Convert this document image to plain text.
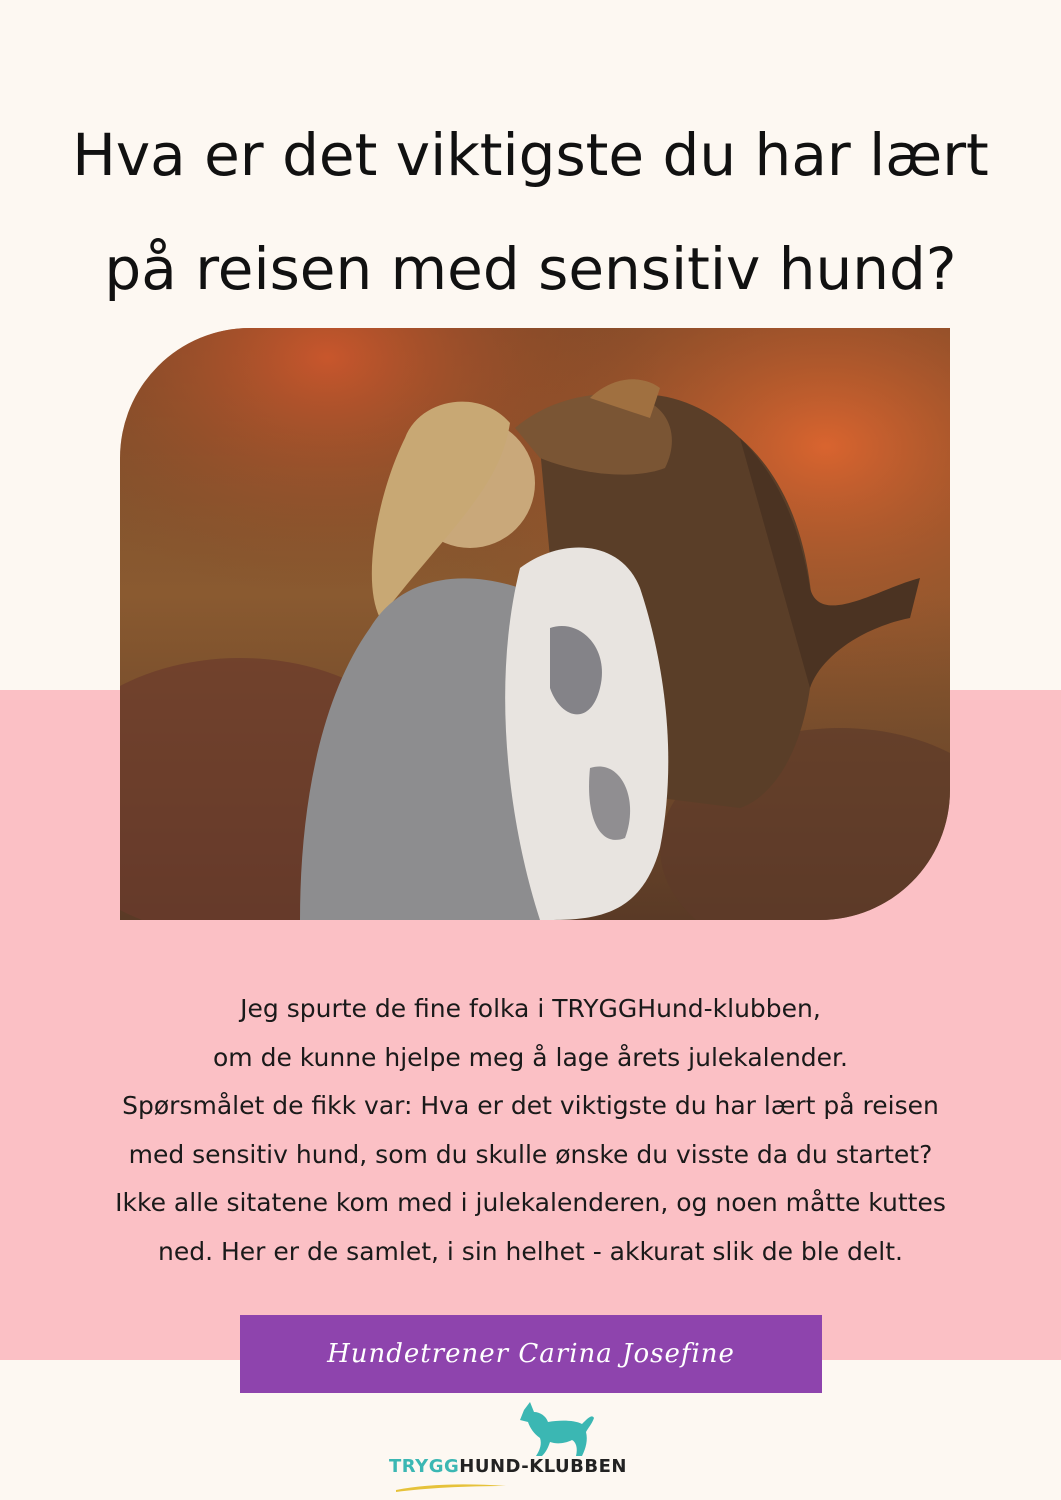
Hva er det viktigste du har lært
på reisen med sensitiv hund?
Jeg spurte de fine folka i TRYGGHund-klubben,
om de kunne hjelpe meg å lage årets julekalender.
Spørsmålet de fikk var: Hva er det viktigste du har lært på reisen
med sensitiv hund, som du skulle ønske du visste da du startet?
Ikke alle sitatene kom med i julekalenderen, og noen måtte kuttes
ned. Her er de samlet, i sin helhet - akkurat slik de ble delt.
Hundetrener Carina Josefine
TRYGGHUND-KLUBBEN
